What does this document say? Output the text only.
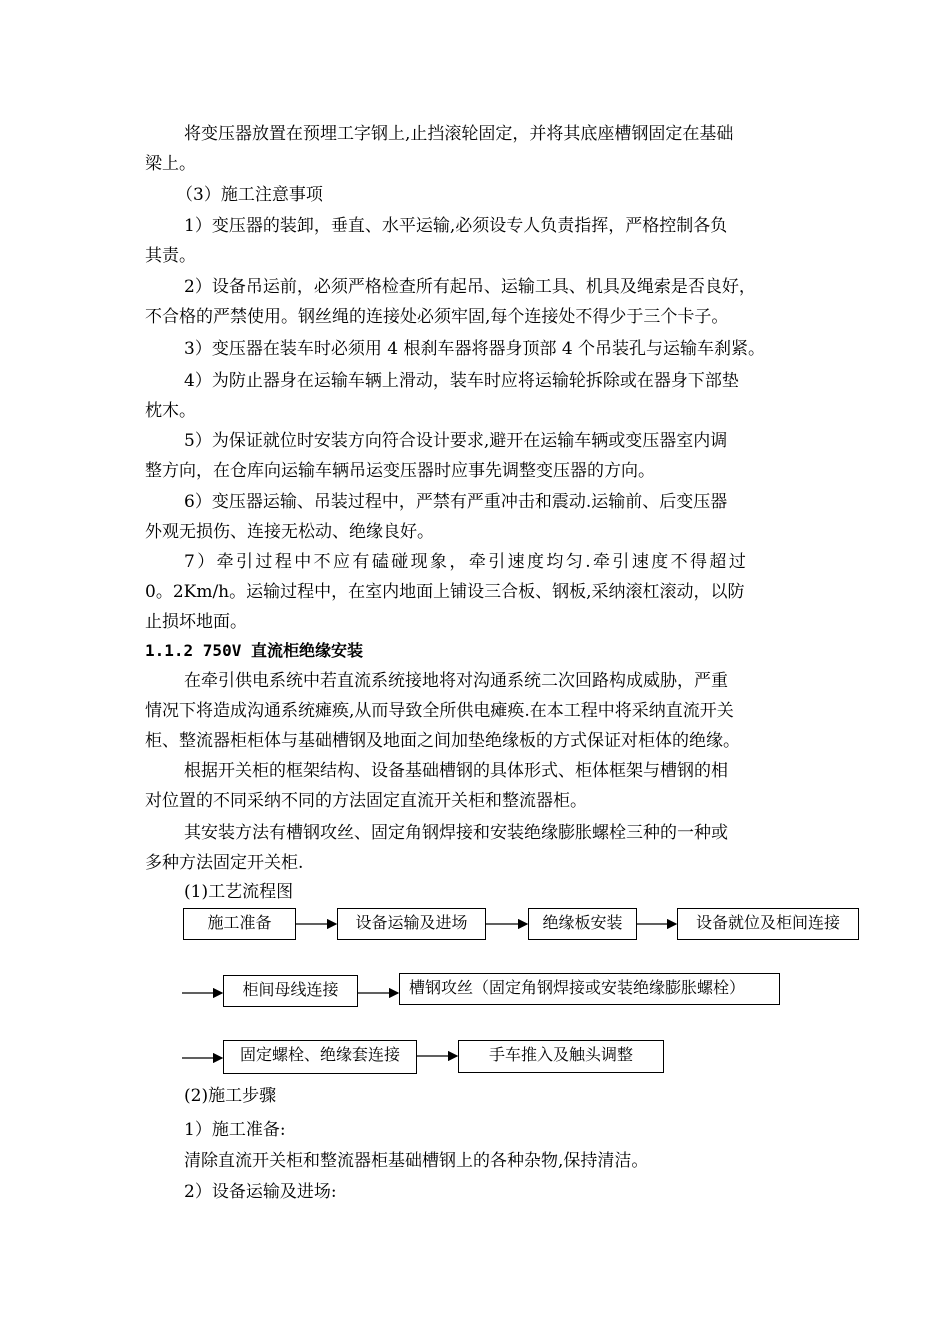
将变压器放置在预埋工字钢上,止挡滚轮固定，并将其底座槽钢固定在基础

梁上。

（3）施工注意事项

1）变压器的装卸，垂直、水平运输,必须设专人负责指挥，严格控制各负

其责。

2）设备吊运前，必须严格检查所有起吊、运输工具、机具及绳索是否良好，

不合格的严禁使用。钢丝绳的连接处必须牢固,每个连接处不得少于三个卡子。

3）变压器在装车时必须用 4 根刹车器将器身顶部 4 个吊装孔与运输车刹紧。

4）为防止器身在运输车辆上滑动，装车时应将运输轮拆除或在器身下部垫

枕木。

5）为保证就位时安装方向符合设计要求,避开在运输车辆或变压器室内调

整方向，在仓库向运输车辆吊运变压器时应事先调整变压器的方向。

6）变压器运输、吊装过程中，严禁有严重冲击和震动.运输前、后变压器

外观无损伤、连接无松动、绝缘良好。

7）牵引过程中不应有磕碰现象，牵引速度均匀.牵引速度不得超过

0。2Km/h。运输过程中，在室内地面上铺设三合板、钢板,采纳滚杠滚动，以防

止损坏地面。

1.1.2 750V 直流柜绝缘安装

在牵引供电系统中若直流系统接地将对沟通系统二次回路构成威胁，严重

情况下将造成沟通系统瘫痪,从而导致全所供电瘫痪.在本工程中将采纳直流开关

柜、整流器柜柜体与基础槽钢及地面之间加垫绝缘板的方式保证对柜体的绝缘。

根据开关柜的框架结构、设备基础槽钢的具体形式、柜体框架与槽钢的相

对位置的不同采纳不同的方法固定直流开关柜和整流器柜。

其安装方法有槽钢攻丝、固定角钢焊接和安装绝缘膨胀螺栓三种的一种或

多种方法固定开关柜.

(1)工艺流程图

施工准备	设备运输及进场	绝缘板安装	设备就位及柜间连接
柜间母线连接	槽钢攻丝（固定角钢焊接或安装绝缘膨胀螺栓）
固定螺栓、绝缘套连接	手车推入及触头调整

(2)施工步骤

1）施工准备:

清除直流开关柜和整流器柜基础槽钢上的各种杂物,保持清洁。

2）设备运输及进场:
